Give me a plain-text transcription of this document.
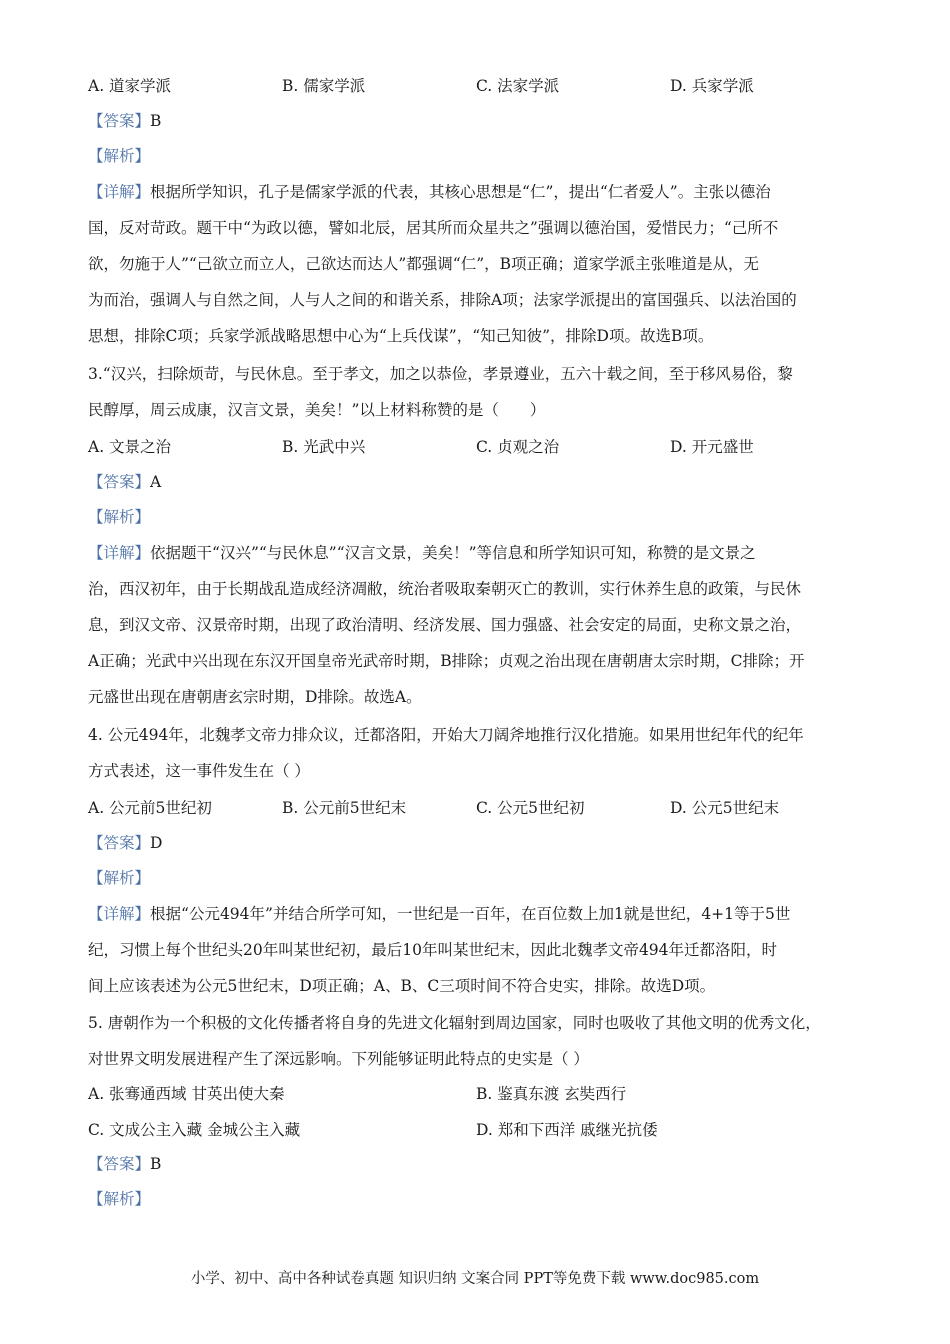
A. 道家学派	B. 儒家学派	C. 法家学派	D. 兵家学派
【答案】B
【解析】
【详解】根据所学知识，孔子是儒家学派的代表，其核心思想是“仁”，提出“仁者爱人”。主张以德治
国，反对苛政。题干中“为政以德，譬如北辰，居其所而众星共之”强调以德治国，爱惜民力；“己所不
欲，勿施于人”“己欲立而立人，己欲达而达人”都强调“仁”，B项正确；道家学派主张唯道是从，无
为而治，强调人与自然之间，人与人之间的和谐关系，排除A项；法家学派提出的富国强兵、以法治国的
思想，排除C项；兵家学派战略思想中心为“上兵伐谋”，“知己知彼”，排除D项。故选B项。
3.“汉兴，扫除烦苛，与民休息。至于孝文，加之以恭俭，孝景遵业，五六十载之间，至于移风易俗，黎
民醇厚，周云成康，汉言文景，美矣！”以上材料称赞的是（　　）
A. 文景之治	B. 光武中兴	C. 贞观之治	D. 开元盛世
【答案】A
【解析】
【详解】依据题干“汉兴”“与民休息”“汉言文景，美矣！”等信息和所学知识可知，称赞的是文景之
治，西汉初年，由于长期战乱造成经济凋敝，统治者吸取秦朝灭亡的教训，实行休养生息的政策，与民休
息，到汉文帝、汉景帝时期，出现了政治清明、经济发展、国力强盛、社会安定的局面，史称文景之治，
A正确；光武中兴出现在东汉开国皇帝光武帝时期，B排除；贞观之治出现在唐朝唐太宗时期，C排除；开
元盛世出现在唐朝唐玄宗时期，D排除。故选A。
4. 公元494年，北魏孝文帝力排众议，迁都洛阳，开始大刀阔斧地推行汉化措施。如果用世纪年代的纪年
方式表述，这一事件发生在（ ）
A. 公元前5世纪初	B. 公元前5世纪末	C. 公元5世纪初	D. 公元5世纪末
【答案】D
【解析】
【详解】根据“公元494年”并结合所学可知，一世纪是一百年，在百位数上加1就是世纪，4+1等于5世
纪，习惯上每个世纪头20年叫某世纪初，最后10年叫某世纪末，因此北魏孝文帝494年迁都洛阳，时
间上应该表述为公元5世纪末，D项正确；A、B、C三项时间不符合史实，排除。故选D项。
5. 唐朝作为一个积极的文化传播者将自身的先进文化辐射到周边国家，同时也吸收了其他文明的优秀文化，
对世界文明发展进程产生了深远影响。下列能够证明此特点的史实是（ ）
A. 张骞通西域 甘英出使大秦	B. 鉴真东渡 玄奘西行
C. 文成公主入藏 金城公主入藏	D. 郑和下西洋 戚继光抗倭
【答案】B
【解析】
小学、初中、高中各种试卷真题 知识归纳 文案合同 PPT等免费下载 www.doc985.com
